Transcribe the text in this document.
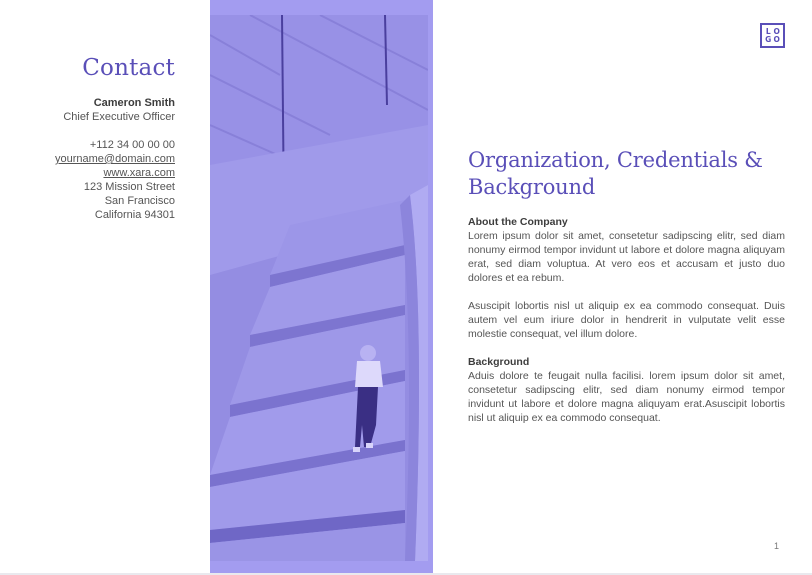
Contact
Cameron Smith
Chief Executive Officer
+112 34 00 00 00
yourname@domain.com
www.xara.com
123 Mission Street
San Francisco
California 94301
L O
G O
Organization, Credentials & Background
About the Company

Lorem ipsum dolor sit amet, consetetur sadipscing elitr, sed diam nonumy eirmod tempor invidunt ut labore et dolore magna aliquyam erat, sed diam voluptua. At vero eos et accusam et justo duo dolores et ea rebum.

Asuscipit lobortis nisl ut aliquip ex ea commodo consequat. Duis autem vel eum iriure dolor in hendrerit in vulputate velit esse molestie consequat, vel illum dolore.

Background

Aduis dolore te feugait nulla facilisi. lorem ipsum dolor sit amet, consetetur sadipscing elitr, sed diam nonumy eirmod tempor invidunt ut labore et dolore magna aliquyam erat.Asuscipit lobortis nisl ut aliquip ex ea commodo consequat.

1
